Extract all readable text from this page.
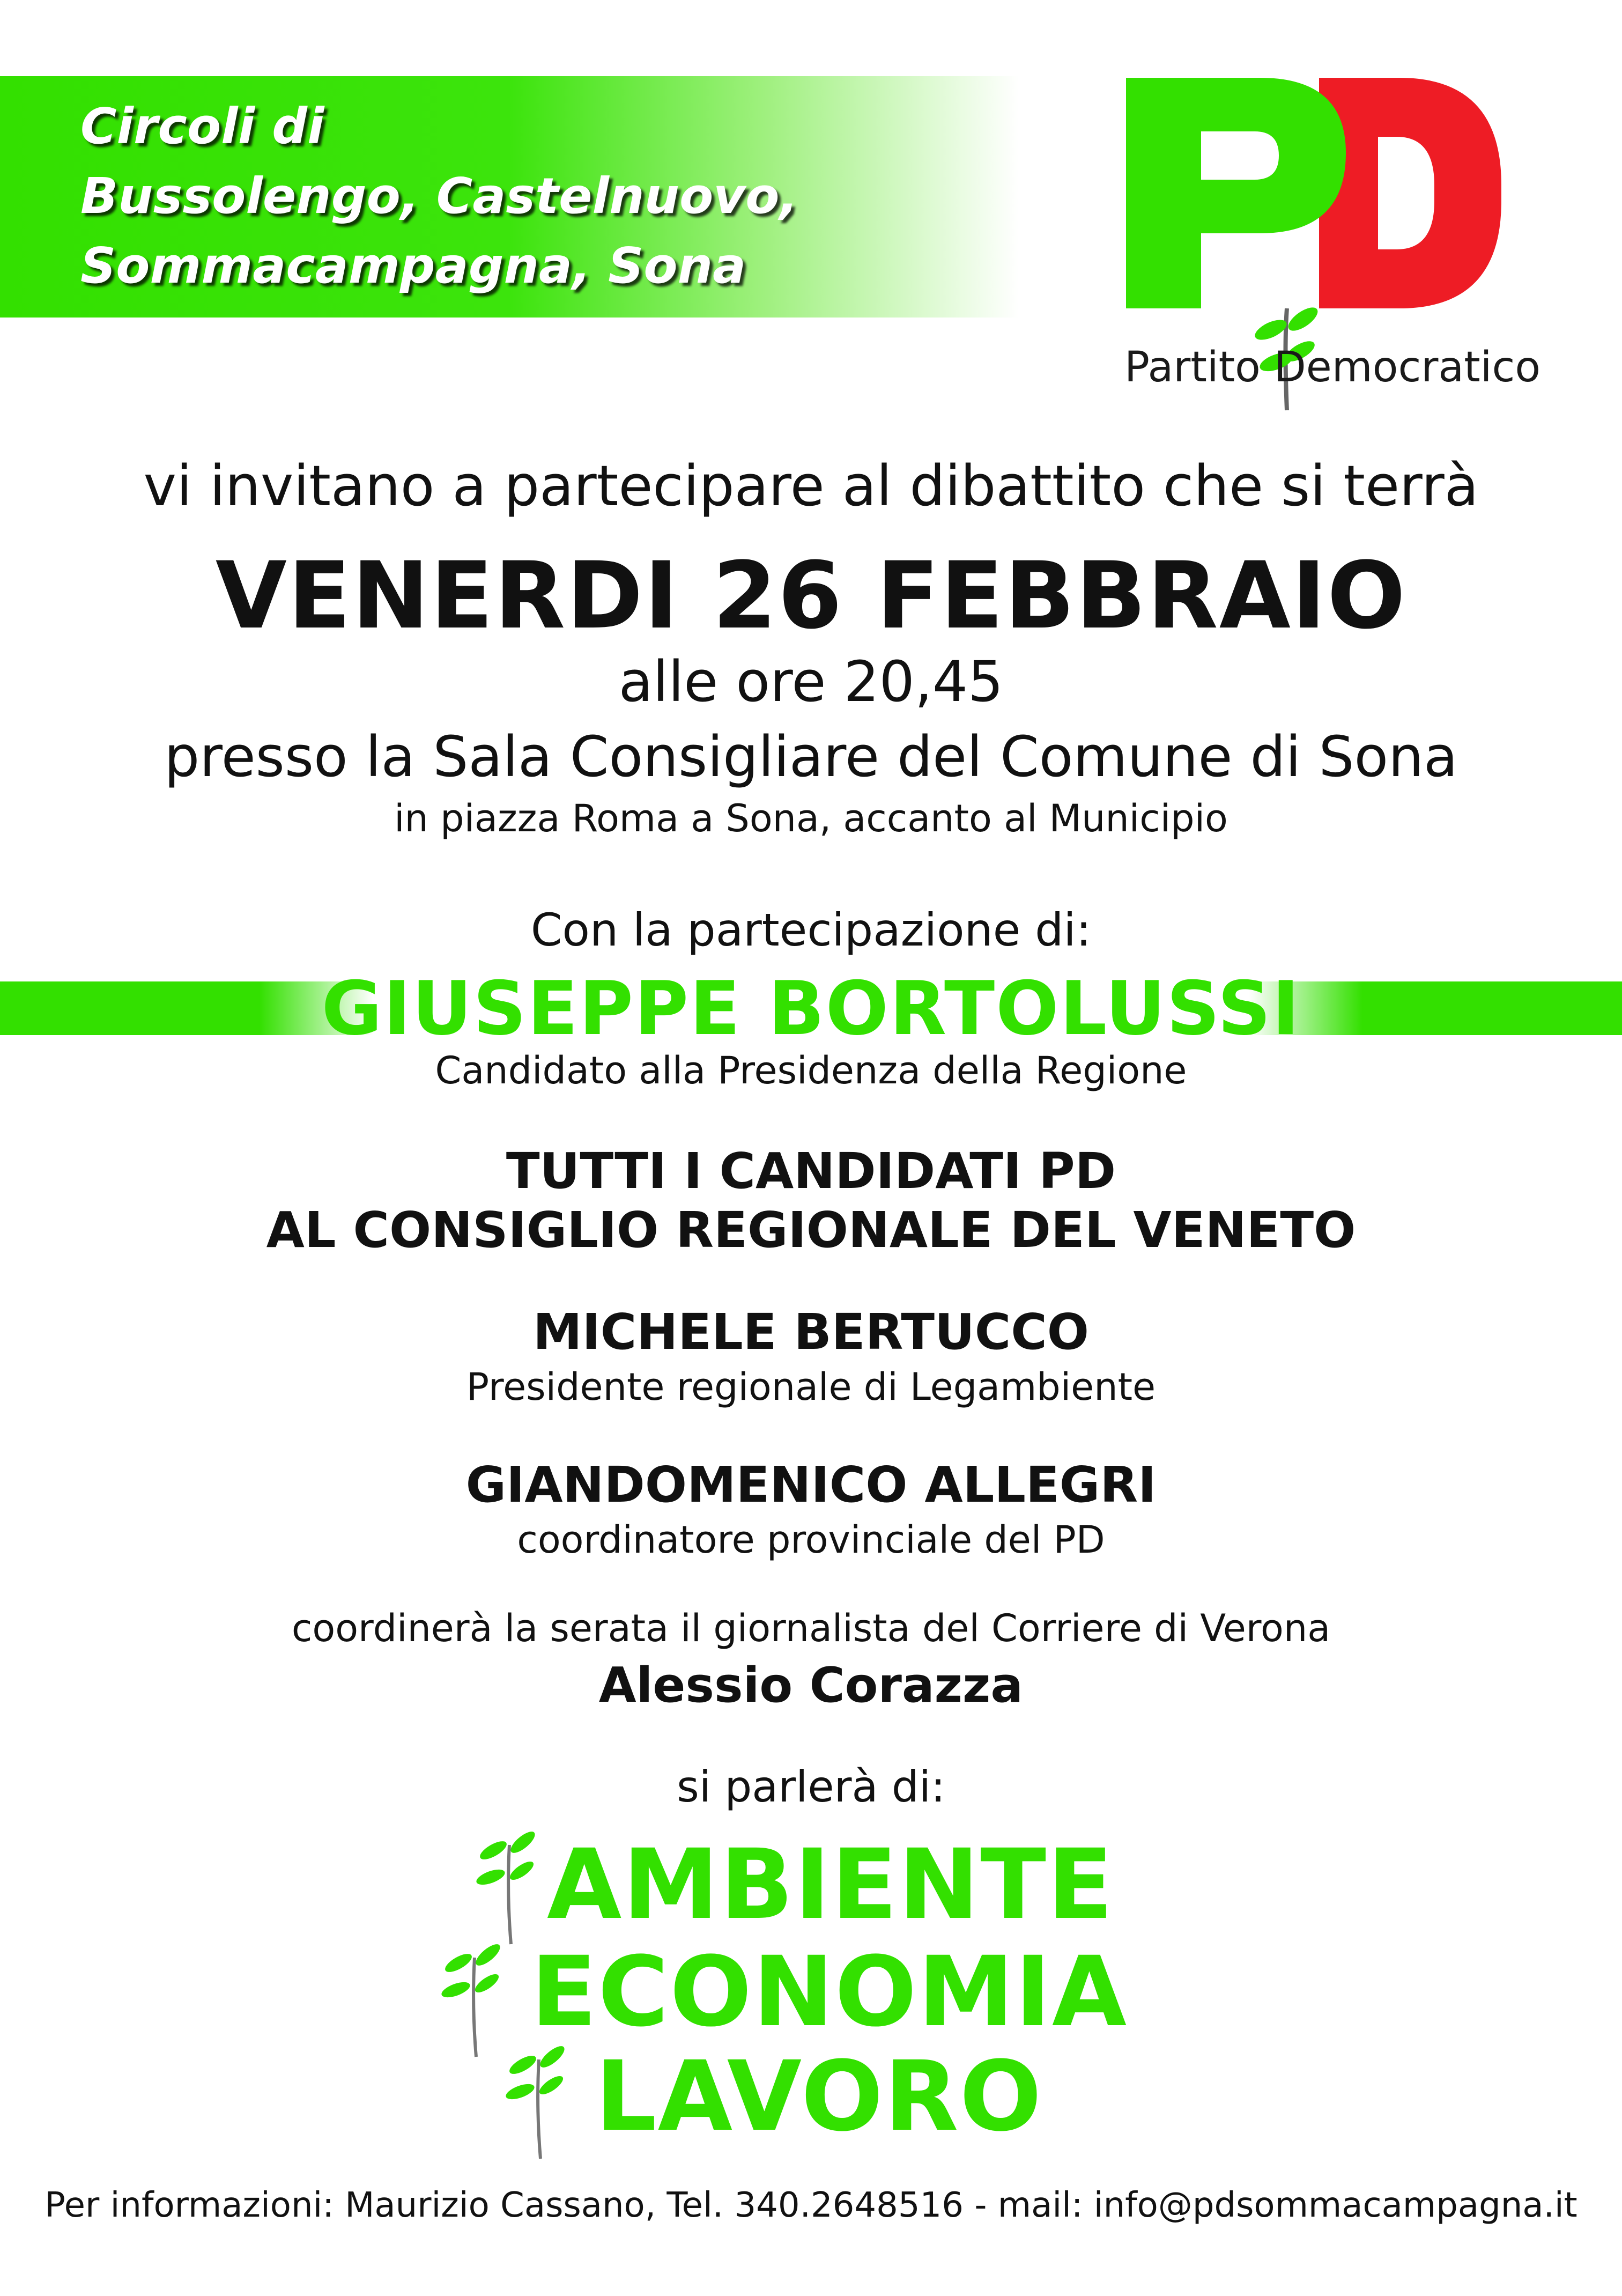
Circoli di
Bussolengo, Castelnuovo,
Sommacampagna, Sona
Partito Democratico
vi invitano a partecipare al dibattito che si terrà
VENERDI 26 FEBBRAIO
alle ore 20,45
presso la Sala Consigliare del Comune di Sona
in piazza Roma a Sona, accanto al Municipio
Con la partecipazione di:
GIUSEPPE BORTOLUSSI
Candidato alla Presidenza della Regione
TUTTI I CANDIDATI PD
AL CONSIGLIO REGIONALE DEL VENETO
MICHELE BERTUCCO
Presidente regionale di Legambiente
GIANDOMENICO ALLEGRI
coordinatore provinciale del PD
coordinerà la serata il giornalista del Corriere di Verona
Alessio Corazza
si parlerà di:
AMBIENTE
ECONOMIA
LAVORO
Per informazioni: Maurizio Cassano, Tel. 340.2648516 - mail: info@pdsommacampagna.it
